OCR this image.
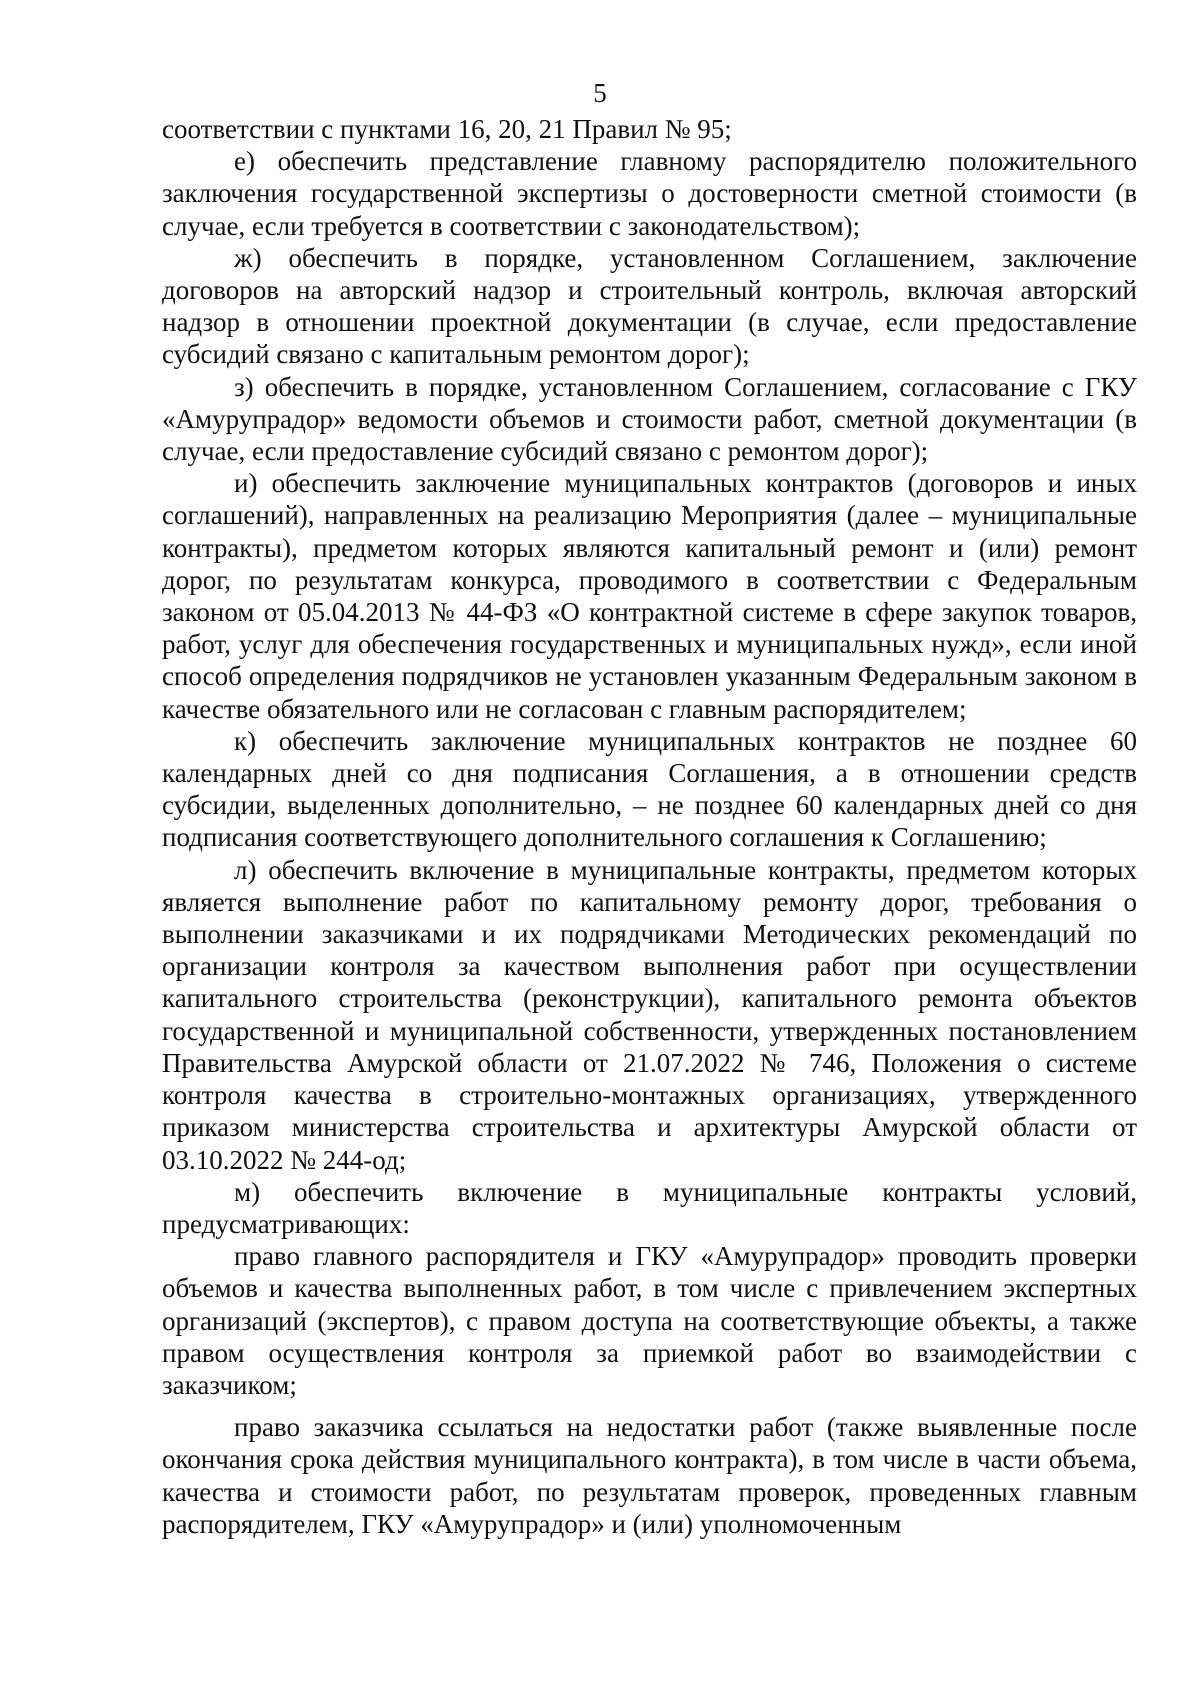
5

соответствии с пунктами 16, 20, 21 Правил № 95;

е) обеспечить представление главному распорядителю положительного заключения государственной экспертизы о достоверности сметной стоимости (в случае, если требуется в соответствии с законодательством);

ж) обеспечить в порядке, установленном Соглашением, заключение договоров на авторский надзор и строительный контроль, включая авторский надзор в отношении проектной документации (в случае, если предоставление субсидий связано с капитальным ремонтом дорог);

з) обеспечить в порядке, установленном Соглашением, согласование с ГКУ «Амурупрадор» ведомости объемов и стоимости работ, сметной документации (в случае, если предоставление субсидий связано с ремонтом дорог);

и) обеспечить заключение муниципальных контрактов (договоров и иных соглашений), направленных на реализацию Мероприятия (далее – муниципальные контракты), предметом которых являются капитальный ремонт и (или) ремонт дорог, по результатам конкурса, проводимого в соответствии с Федеральным законом от 05.04.2013 № 44-ФЗ «О контрактной системе в сфере закупок товаров, работ, услуг для обеспечения государственных и муниципальных нужд», если иной способ определения подрядчиков не установлен указанным Федеральным законом в качестве обязательного или не согласован с главным распорядителем;

к) обеспечить заключение муниципальных контрактов не позднее 60 календарных дней со дня подписания Соглашения, а в отношении средств субсидии, выделенных дополнительно, – не позднее 60 календарных дней со дня подписания соответствующего дополнительного соглашения к Соглашению;

л) обеспечить включение в муниципальные контракты, предметом которых является выполнение работ по капитальному ремонту дорог, требования о выполнении заказчиками и их подрядчиками Методических рекомендаций по организации контроля за качеством выполнения работ при осуществлении капитального строительства (реконструкции), капитального ремонта объектов государственной и муниципальной собственности, утвержденных постановлением Правительства Амурской области от 21.07.2022 № 746, Положения о системе контроля качества в строительно-монтажных организациях, утвержденного приказом министерства строительства и архитектуры Амурской области от 03.10.2022 № 244-од;

м) обеспечить включение в муниципальные контракты условий, предусматривающих:

право главного распорядителя и ГКУ «Амурупрадор» проводить проверки объемов и качества выполненных работ, в том числе с привлечением экспертных организаций (экспертов), с правом доступа на соответствующие объекты, а также правом осуществления контроля за приемкой работ во взаимодействии с заказчиком;

право заказчика ссылаться на недостатки работ (также выявленные после окончания срока действия муниципального контракта), в том числе в части объема, качества и стоимости работ, по результатам проверок, проведенных главным распорядителем, ГКУ «Амурупрадор» и (или) уполномоченным
